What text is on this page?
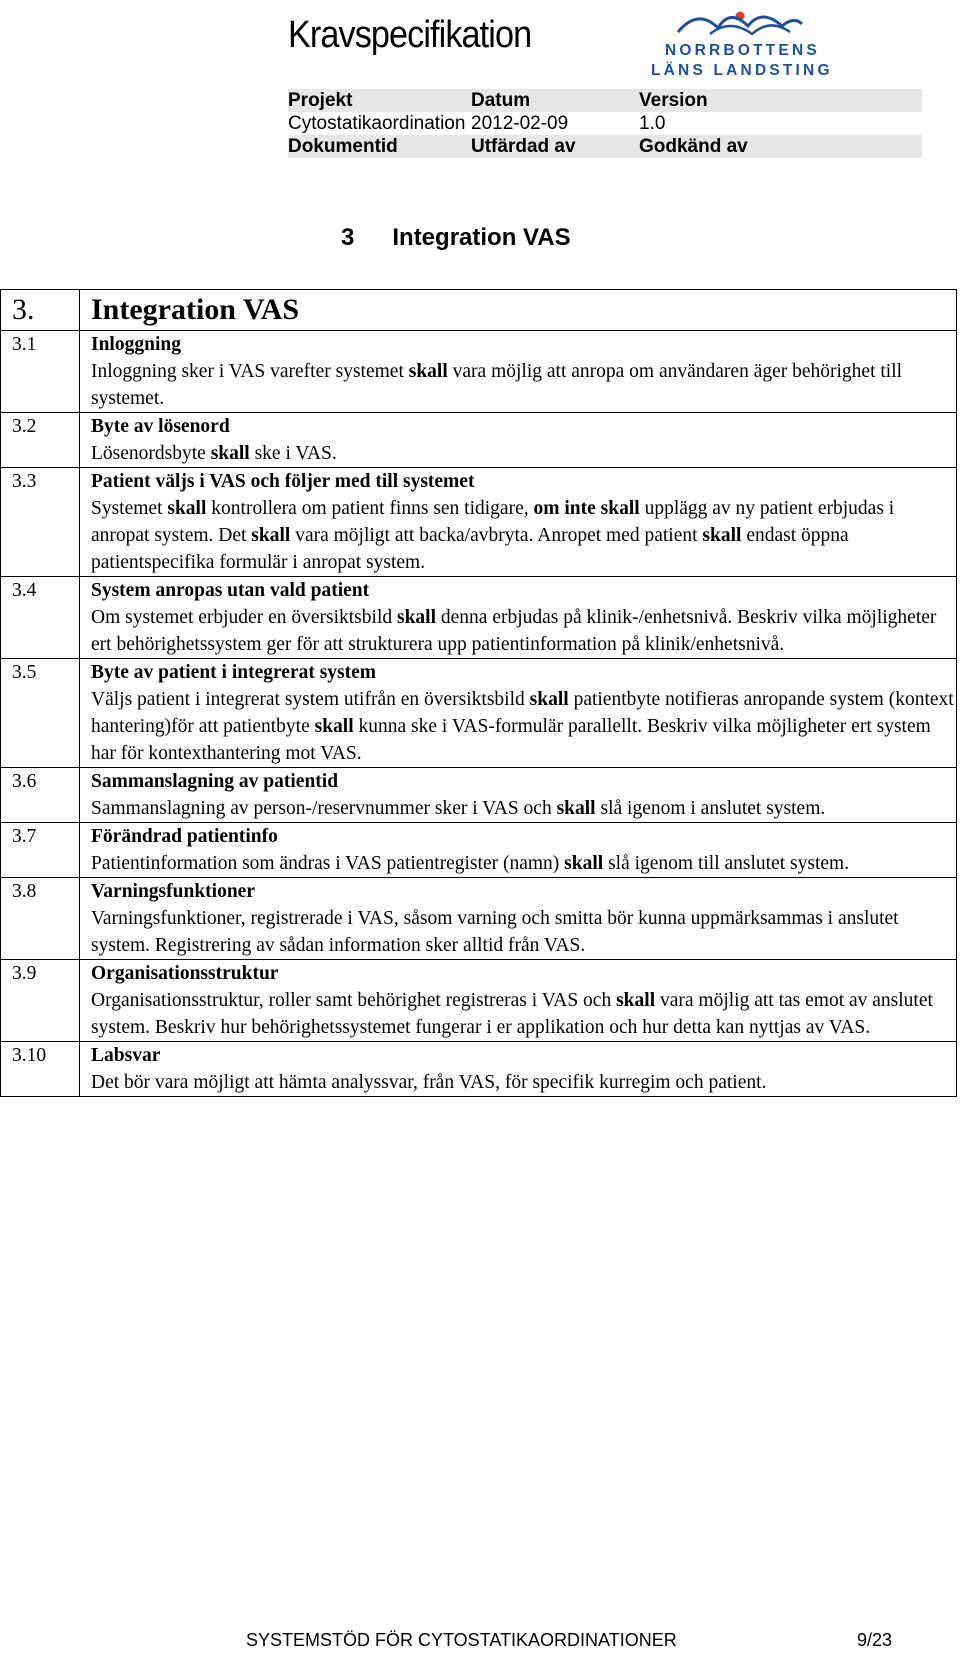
Kravspecifikation	NORRBOTTENS
LÄNS LANDSTING
Projekt	Datum	Version
Cytostatikaordination 2012-02-09	1.0
Dokumentid	Utfärdad av	Godkänd av
3 Integration VAS
3.	Integration VAS
3.1	Inloggning
Inloggning sker i VAS varefter systemet skall vara möjlig att anropa om användaren äger behörighet till systemet.

3.2	Byte av lösenord
Lösenordsbyte skall ske i VAS.

3.3	Patient väljs i VAS och följer med till systemet
Systemet skall kontrollera om patient finns sen tidigare, om inte skall upplägg av ny patient erbjudas i anropat system. Det skall vara möjligt att backa/avbryta. Anropet med patient skall endast öppna patientspecifika formulär i anropat system.

3.4	System anropas utan vald patient
Om systemet erbjuder en översiktsbild skall denna erbjudas på klinik-/enhetsnivå. Beskriv vilka möjligheter ert behörighetssystem ger för att strukturera upp patientinformation på klinik/enhetsnivå.

3.5	Byte av patient i integrerat system
Väljs patient i integrerat system utifrån en översiktsbild skall patientbyte notifieras anropande system (kontext hantering)för att patientbyte skall kunna ske i VAS-formulär parallellt. Beskriv vilka möjligheter ert system har för kontexthantering mot VAS.

3.6	Sammanslagning av patientid
Sammanslagning av person-/reservnummer sker i VAS och skall slå igenom i anslutet system.

3.7	Förändrad patientinfo
Patientinformation som ändras i VAS patientregister (namn) skall slå igenom till anslutet system.

3.8	Varningsfunktioner
Varningsfunktioner, registrerade i VAS, såsom varning och smitta bör kunna uppmärksammas i anslutet system. Registrering av sådan information sker alltid från VAS.

3.9	Organisationsstruktur
Organisationsstruktur, roller samt behörighet registreras i VAS och skall vara möjlig att tas emot av anslutet system. Beskriv hur behörighetssystemet fungerar i er applikation och hur detta kan nyttjas av VAS.

3.10	Labsvar
Det bör vara möjligt att hämta analyssvar, från VAS, för specifik kurregim och patient.
SYSTEMSTÖD FÖR CYTOSTATIKAORDINATIONER	9/23
